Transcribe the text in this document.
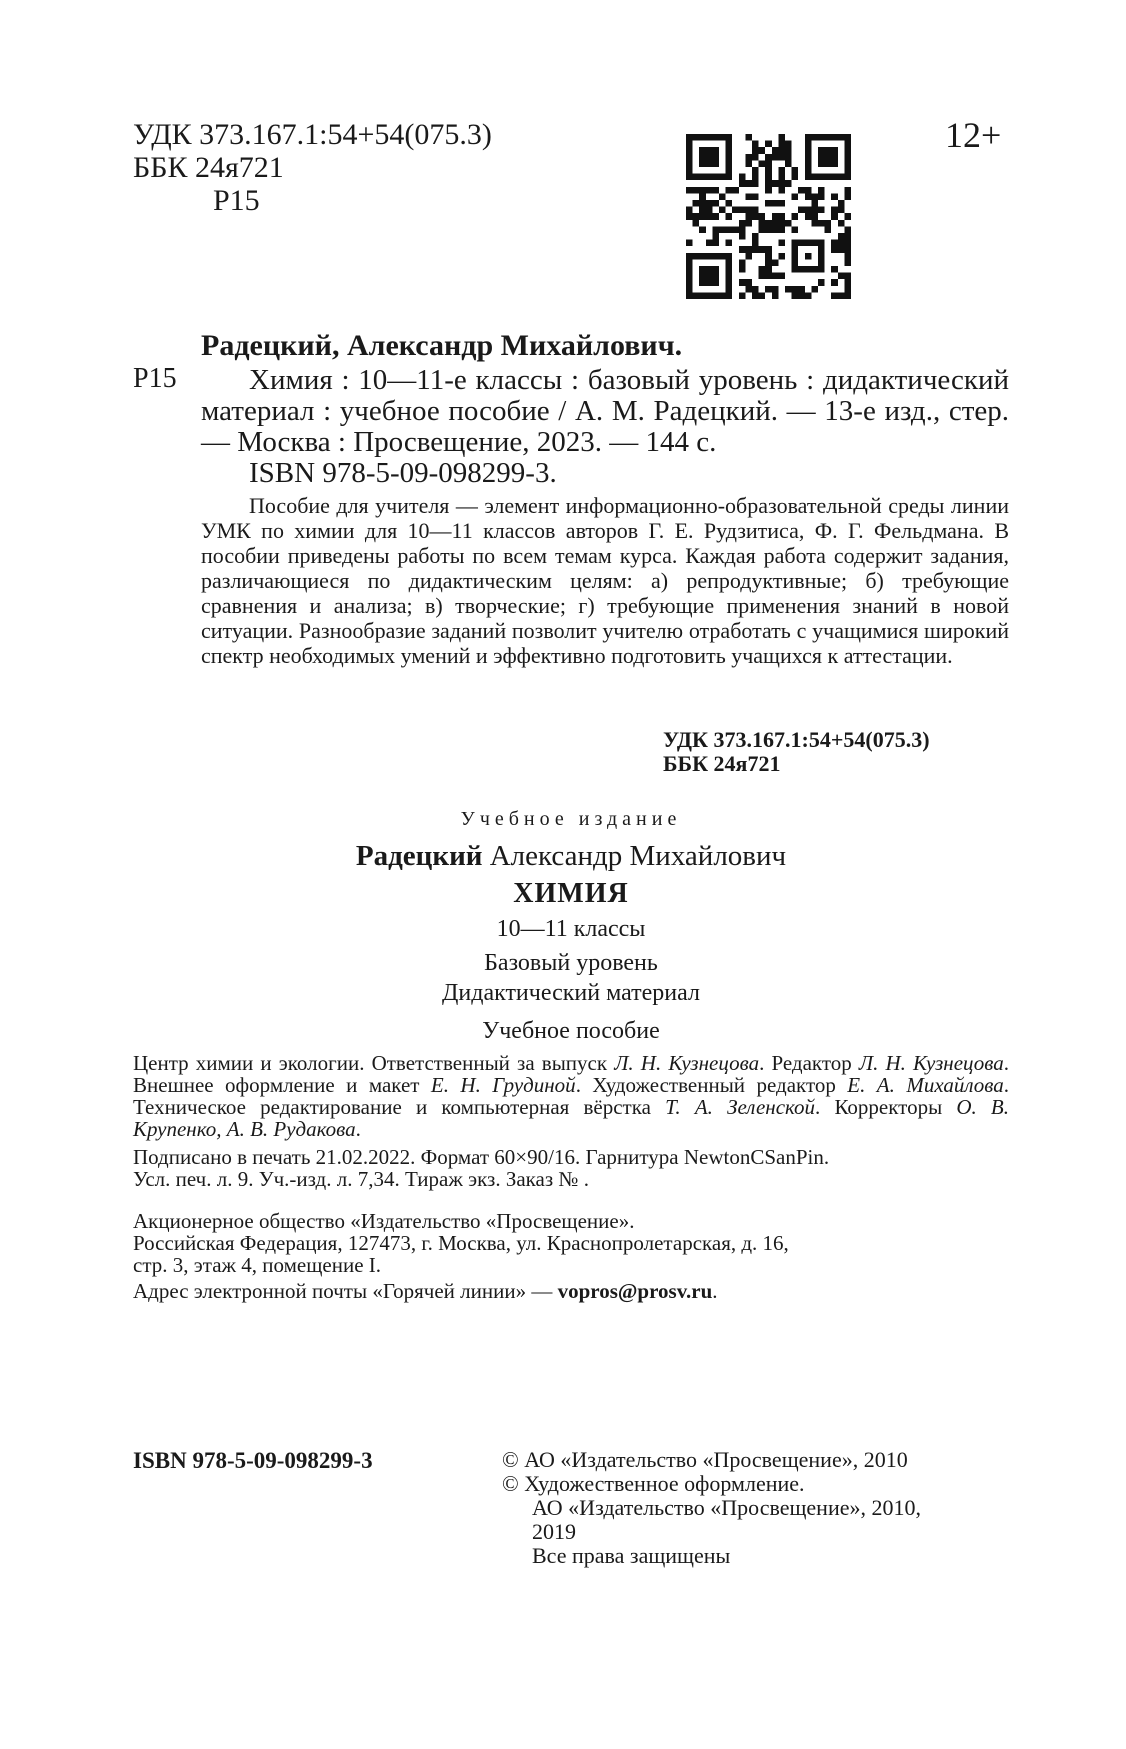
УДК 373.167.1:54+54(075.3)
ББК 24я721
Р15
12+
Р15
Радецкий, Александр Михайлович.
Химия : 10—11-е классы : базовый уровень : дидактический материал : учебное пособие / А. М. Радецкий. — 13-е изд., стер. — Москва : Просвещение, 2023. — 144 с.
ISBN 978-5-09-098299-3.
Пособие для учителя — элемент информационно-образовательной среды линии УМК по химии для 10—11 классов авторов Г. Е. Рудзитиса, Ф. Г. Фельдмана. В пособии приведены работы по всем темам курса. Каждая работа содержит задания, различающиеся по дидактическим целям: а) репродуктивные; б) требующие сравнения и анализа; в) творческие; г) требующие применения знаний в новой ситуации. Разнообразие заданий позволит учителю отработать с учащимися широкий спектр необходимых умений и эффективно подготовить учащихся к аттестации.
УДК 373.167.1:54+54(075.3)
ББК 24я721
Учебное издание
Радецкий Александр Михайлович
ХИМИЯ
10—11 классы
Базовый уровень
Дидактический материал
Учебное пособие
Центр химии и экологии. Ответственный за выпуск Л. Н. Кузнецова. Редактор Л. Н. Кузнецова. Внешнее оформление и макет Е. Н. Грудиной. Художественный редактор Е. А. Михайлова. Техническое редактирование и компьютерная вёрстка Т. А. Зеленской. Корректоры О. В. Крупенко, А. В. Рудакова.
Подписано в печать 21.02.2022. Формат 60×90/16. Гарнитура NewtonCSanPin.
Усл. печ. л. 9. Уч.-изд. л. 7,34. Тираж экз. Заказ № .
Акционерное общество «Издательство «Просвещение».
Российская Федерация, 127473, г. Москва, ул. Краснопролетарская, д. 16,
стр. 3, этаж 4, помещение I.
Адрес электронной почты «Горячей линии» — vopros@prosv.ru.
ISBN 978-5-09-098299-3	© АО «Издательство «Просвещение», 2010
© Художественное оформление.
АО «Издательство «Просвещение», 2010,
2019
Все права защищены
